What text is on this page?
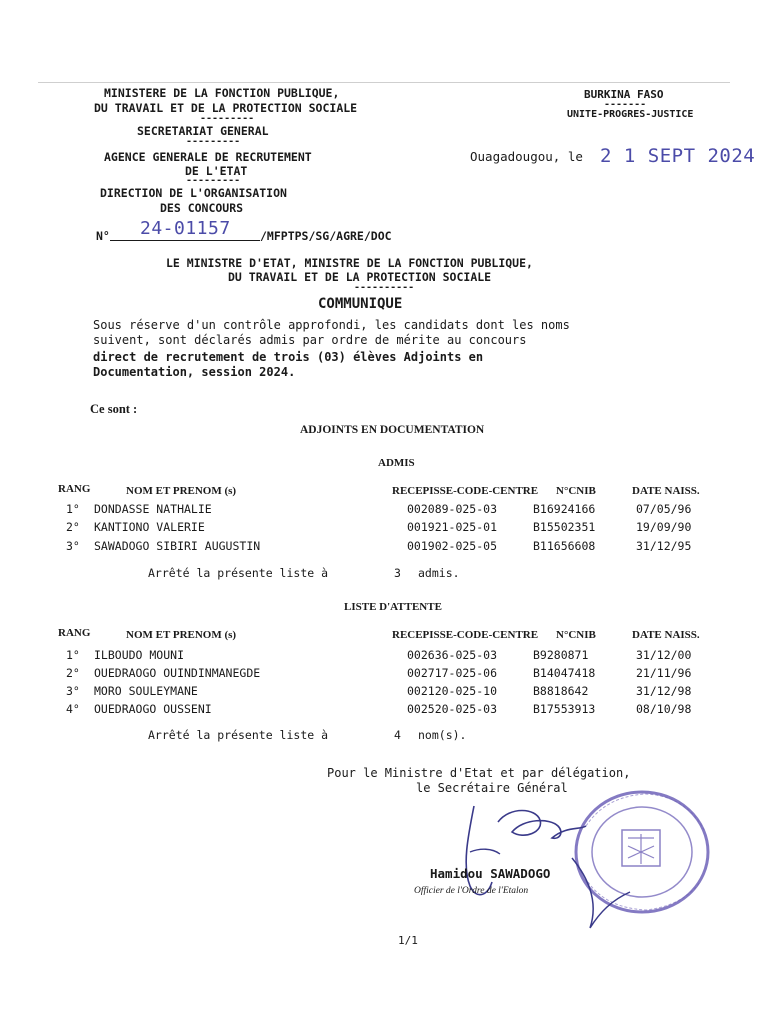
MINISTERE DE LA FONCTION PUBLIQUE,
DU TRAVAIL ET DE LA PROTECTION SOCIALE
---------
SECRETARIAT GENERAL
---------
AGENCE GENERALE DE RECRUTEMENT
DE L'ETAT
---------
DIRECTION DE L'ORGANISATION
DES CONCOURS
BURKINA FASO
-------
UNITE-PROGRES-JUSTICE
Ouagadougou, le 2 1 SEPT 2024
N° 24-01157	/MFPTPS/SG/AGRE/DOC
LE MINISTRE D'ETAT, MINISTRE DE LA FONCTION PUBLIQUE,
DU TRAVAIL ET DE LA PROTECTION SOCIALE
----------
COMMUNIQUE
Sous réserve d'un contrôle approfondi, les candidats dont les noms
suivent, sont déclarés admis par ordre de mérite au concours
direct de recrutement de trois (03) élèves Adjoints en
Documentation, session 2024.
Ce sont :
ADJOINTS EN DOCUMENTATION
ADMIS
RANG	NOM ET PRENOM (s)	RECEPISSE-CODE-CENTRE N°CNIB	DATE NAISS.
1° DONDASSE NATHALIE	002089-025-03	B16924166	07/05/96
2° KANTIONO VALERIE	001921-025-01	B15502351	19/09/90
3° SAWADOGO SIBIRI AUGUSTIN	001902-025-05	B11656608	31/12/95
Arrêté la présente liste à	3 admis.
LISTE D'ATTENTE
RANG	NOM ET PRENOM (s)	RECEPISSE-CODE-CENTRE N°CNIB	DATE NAISS.
1° ILBOUDO MOUNI	002636-025-03	B9280871	31/12/00
2° OUEDRAOGO OUINDINMANEGDE	002717-025-06	B14047418	21/11/96
3° MORO SOULEYMANE	002120-025-10	B8818642	31/12/98
4° OUEDRAOGO OUSSENI	002520-025-03	B17553913	08/10/98
Arrêté la présente liste à	4 nom(s).
Pour le Ministre d'Etat et par délégation,
le Secrétaire Général
Hamidou SAWADOGO
Officier de l'Ordre de l'Etalon
1/1
